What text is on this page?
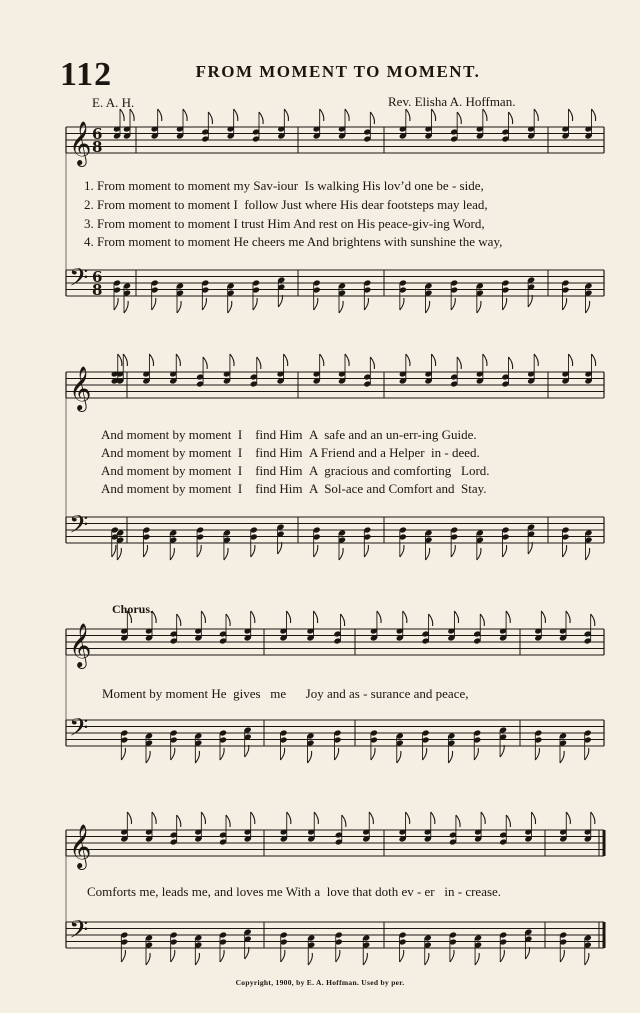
112	FROM MOMENT TO MOMENT.
E. A. H.	Rev. Elisha A. Hoffman.
𝄞 6
8
𝄢 6
8
𝄞
𝄢
𝄞
𝄢
𝄞
𝄢
1. From moment to moment my Sav-iour Is walking His lov’d one be - side,
2. From moment to moment I follow Just where His dear footsteps may lead,
3. From moment to moment I trust Him And rest on His peace-giv-ing Word,
4. From moment to moment He cheers me And brightens with sunshine the way,
And moment by moment I find Him A safe and an un-err-ing Guide.
And moment by moment I find Him A Friend and a Helper in - deed.
And moment by moment I find Him A gracious and comforting Lord.
And moment by moment I find Him A Sol-ace and Comfort and Stay.
Chorus.
Moment by moment He gives me Joy and as - surance and peace,
Comforts me, leads me, and loves me With a love that doth ev - er in - crease.
Copyright, 1900, by E. A. Hoffman. Used by per.
